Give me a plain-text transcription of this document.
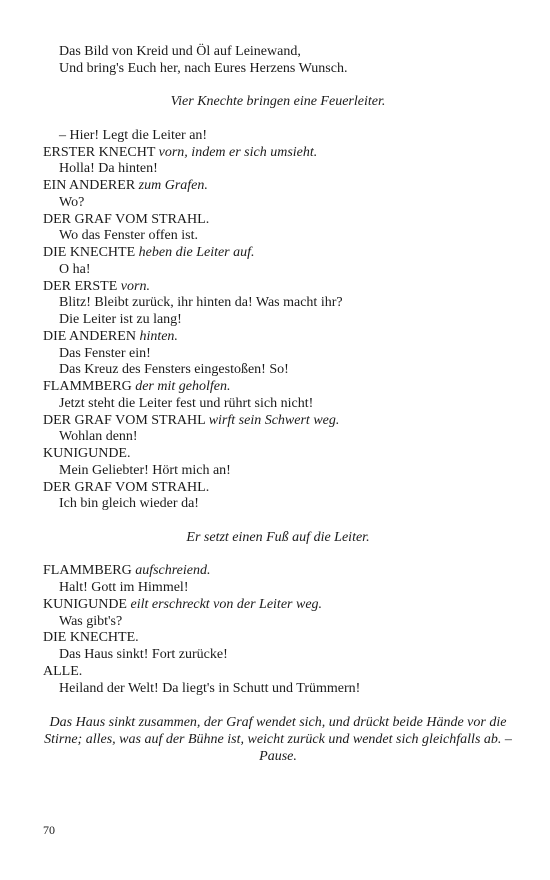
Das Bild von Kreid und Öl auf Leinewand,
Und bring's Euch her, nach Eures Herzens Wunsch.
Vier Knechte bringen eine Feuerleiter.
– Hier! Legt die Leiter an!
ERSTER KNECHT vorn, indem er sich umsieht.
Holla! Da hinten!
EIN ANDERER zum Grafen.
Wo?
DER GRAF VOM STRAHL.
Wo das Fenster offen ist.
DIE KNECHTE heben die Leiter auf.
O ha!
DER ERSTE vorn.
Blitz! Bleibt zurück, ihr hinten da! Was macht ihr?
Die Leiter ist zu lang!
DIE ANDEREN hinten.
Das Fenster ein!
Das Kreuz des Fensters eingestoßen! So!
FLAMMBERG der mit geholfen.
Jetzt steht die Leiter fest und rührt sich nicht!
DER GRAF VOM STRAHL wirft sein Schwert weg.
Wohlan denn!
KUNIGUNDE.
Mein Geliebter! Hört mich an!
DER GRAF VOM STRAHL.
Ich bin gleich wieder da!
Er setzt einen Fuß auf die Leiter.
FLAMMBERG aufschreiend.
Halt! Gott im Himmel!
KUNIGUNDE eilt erschreckt von der Leiter weg.
Was gibt's?
DIE KNECHTE.
Das Haus sinkt! Fort zurücke!
ALLE.
Heiland der Welt! Da liegt's in Schutt und Trümmern!
Das Haus sinkt zusammen, der Graf wendet sich, und drückt beide Hände vor die Stirne; alles, was auf der Bühne ist, weicht zurück und wendet sich gleichfalls ab. – Pause.
70
